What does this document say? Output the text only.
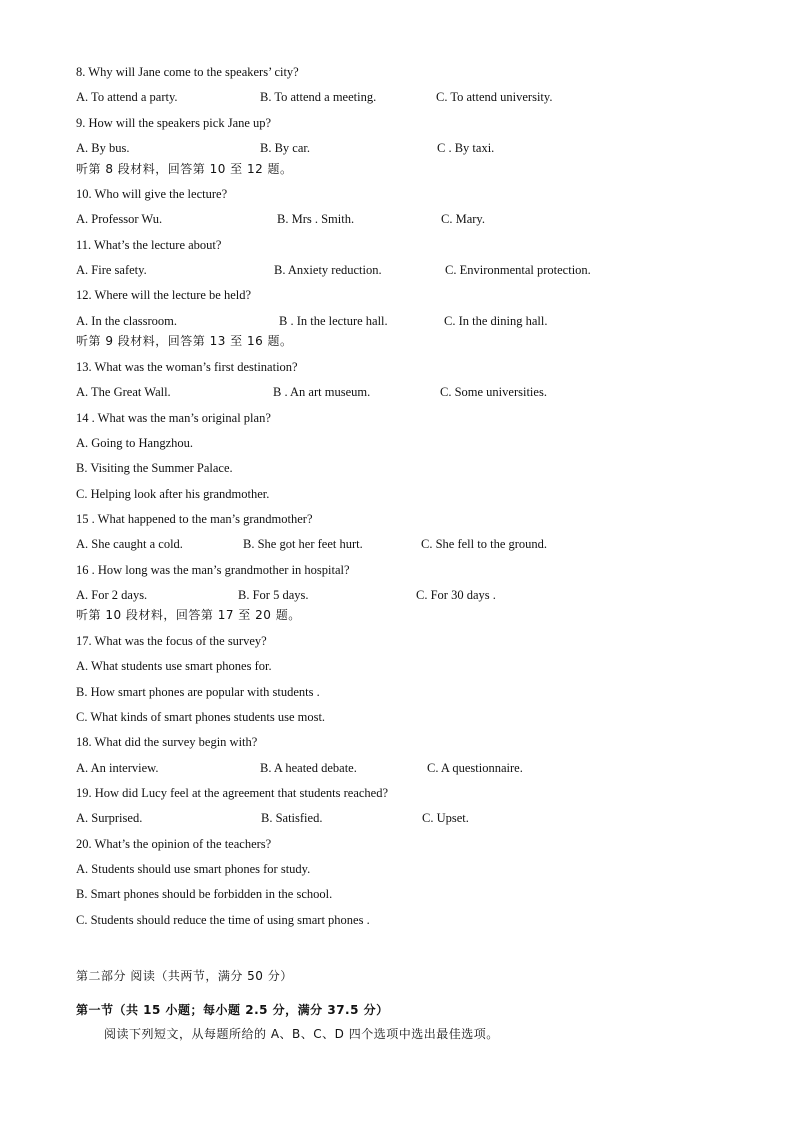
8. Why will Jane come to the speakers’ city?
A. To attend a party.	B. To attend a meeting.	C. To attend university.
9. How will the speakers pick Jane up?
A. By bus.	B. By car.	C . By taxi.
听第 8 段材料，回答第 10 至 12 题。
10. Who will give the lecture?
A. Professor Wu.	B. Mrs . Smith.	C. Mary.
11. What’s the lecture about?
A. Fire safety.	B. Anxiety reduction.	C. Environmental protection.
12. Where will the lecture be held?
A. In the classroom.	B . In the lecture hall.	C. In the dining hall.
听第 9 段材料，回答第 13 至 16 题。
13. What was the woman’s first destination?
A. The Great Wall.	B . An art museum.	C. Some universities.
14 . What was the man’s original plan?
A. Going to Hangzhou.
B. Visiting the Summer Palace.
C. Helping look after his grandmother.
15 . What happened to the man’s grandmother?
A. She caught a cold.	B. She got her feet hurt.	C. She fell to the ground.
16 . How long was the man’s grandmother in hospital?
A. For 2 days.	B. For 5 days.	C. For 30 days .
听第 10 段材料，回答第 17 至 20 题。
17. What was the focus of the survey?
A. What students use smart phones for.
B. How smart phones are popular with students .
C. What kinds of smart phones students use most.
18. What did the survey begin with?
A. An interview.	B. A heated debate.	C. A questionnaire.
19. How did Lucy feel at the agreement that students reached?
A. Surprised.	B. Satisfied.	C. Upset.
20. What’s the opinion of the teachers?
A. Students should use smart phones for study.
B. Smart phones should be forbidden in the school.
C. Students should reduce the time of using smart phones .
第二部分 阅读（共两节，满分 50 分）
第一节（共 15 小题；每小题 2.5 分，满分 37.5 分）
阅读下列短文，从每题所给的 A、B、C、D 四个选项中选出最佳选项。
